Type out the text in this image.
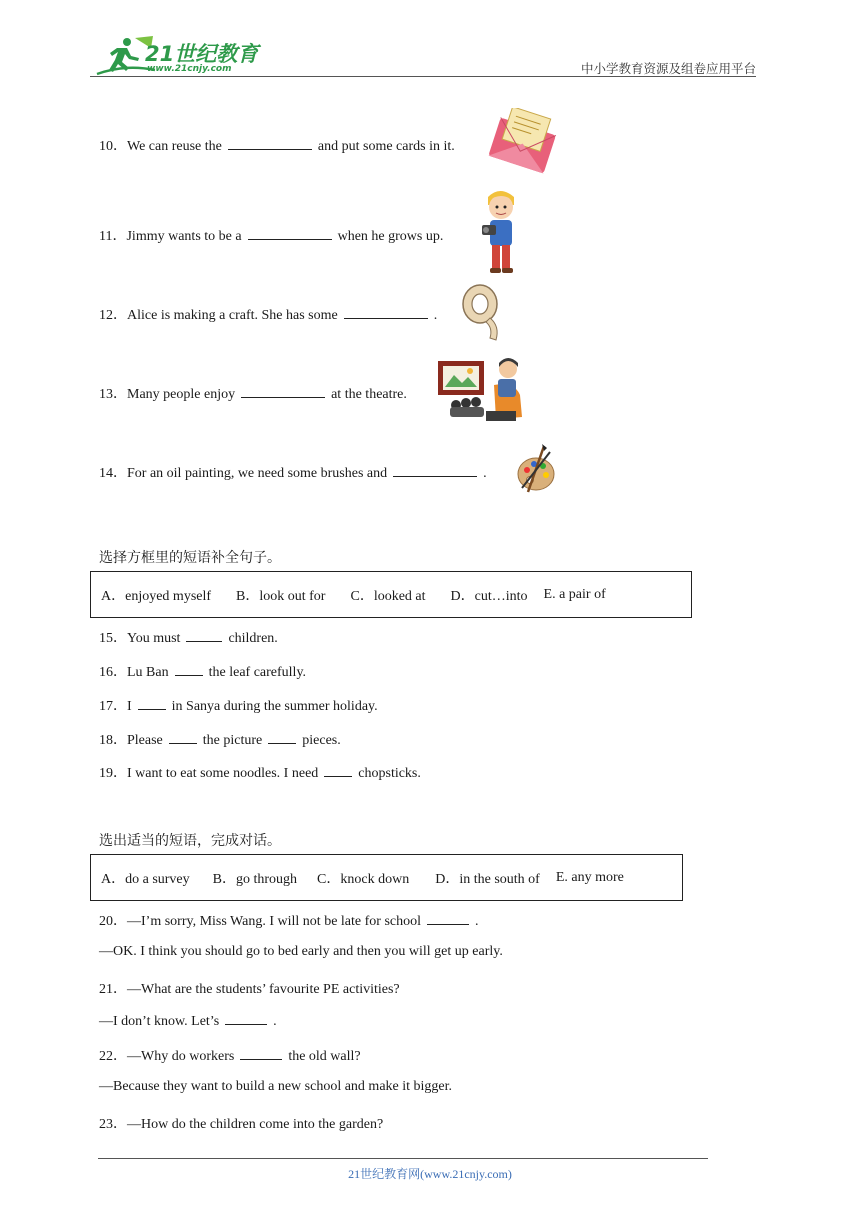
21世纪教育
www.21cnjy.com	中小学教育资源及组卷应用平台
10．We can reuse the	and put some cards in it.
11．Jimmy wants to be a	when he grows up.
12．Alice is making a craft. She has some	.
13．Many people enjoy	at the theatre.
14．For an oil painting, we need some brushes and	.
选择方框里的短语补全句子。
A．enjoyed myself B．look out for C．looked at D．cut…into E. a pair of
15．You must	children.
16．Lu Ban	the leaf carefully.
17．I	in Sanya during the summer holiday.
18．Please	the picture	pieces.
19．I want to eat some noodles. I need	chopsticks.
选出适当的短语，完成对话。
A．do a survey B．go through C．knock down D．in the south of E. any more
20．—I’m sorry, Miss Wang. I will not be late for school	.
—OK. I think you should go to bed early and then you will get up early.
21．—What are the students’ favourite PE activities?
—I don’t know. Let’s	.
22．—Why do workers	the old wall?
—Because they want to build a new school and make it bigger.
23．—How do the children come into the garden?
21世纪教育网(www.21cnjy.com)
